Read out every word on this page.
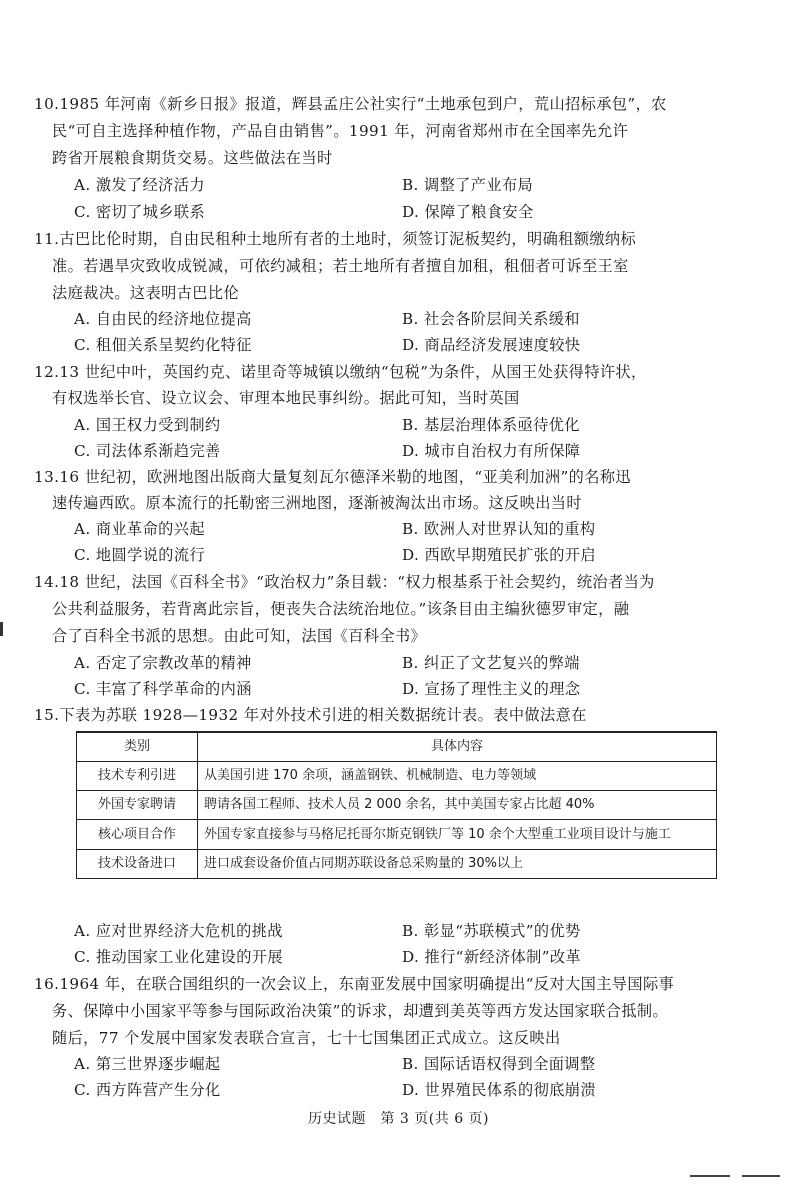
10.1985 年河南《新乡日报》报道，辉县孟庄公社实行“土地承包到户，荒山招标承包”，农
民“可自主选择种植作物，产品自由销售”。1991 年，河南省郑州市在全国率先允许
跨省开展粮食期货交易。这些做法在当时
A. 激发了经济活力	B. 调整了产业布局
C. 密切了城乡联系	D. 保障了粮食安全
11.古巴比伦时期，自由民租种土地所有者的土地时，须签订泥板契约，明确租额缴纳标
准。若遇旱灾致收成锐减，可依约减租；若土地所有者擅自加租，租佃者可诉至王室
法庭裁决。这表明古巴比伦
A. 自由民的经济地位提高	B. 社会各阶层间关系缓和
C. 租佃关系呈契约化特征	D. 商品经济发展速度较快
12.13 世纪中叶，英国约克、诺里奇等城镇以缴纳“包税”为条件，从国王处获得特许状，
有权选举长官、设立议会、审理本地民事纠纷。据此可知，当时英国
A. 国王权力受到制约	B. 基层治理体系亟待优化
C. 司法体系渐趋完善	D. 城市自治权力有所保障
13.16 世纪初，欧洲地图出版商大量复刻瓦尔德泽米勒的地图，“亚美利加洲”的名称迅
速传遍西欧。原本流行的托勒密三洲地图，逐渐被淘汰出市场。这反映出当时
A. 商业革命的兴起	B. 欧洲人对世界认知的重构
C. 地圆学说的流行	D. 西欧早期殖民扩张的开启
14.18 世纪，法国《百科全书》“政治权力”条目载：“权力根基系于社会契约，统治者当为
公共利益服务，若背离此宗旨，便丧失合法统治地位。”该条目由主编狄德罗审定，融
合了百科全书派的思想。由此可知，法国《百科全书》
A. 否定了宗教改革的精神	B. 纠正了文艺复兴的弊端
C. 丰富了科学革命的内涵	D. 宣扬了理性主义的理念
15.下表为苏联 1928—1932 年对外技术引进的相关数据统计表。表中做法意在
类别	具体内容
技术专利引进	从美国引进 170 余项，涵盖钢铁、机械制造、电力等领域
外国专家聘请	聘请各国工程师、技术人员 2 000 余名，其中美国专家占比超 40%
核心项目合作	外国专家直接参与马格尼托哥尔斯克钢铁厂等 10 余个大型重工业项目设计与施工
技术设备进口	进口成套设备价值占同期苏联设备总采购量的 30%以上
A. 应对世界经济大危机的挑战	B. 彰显“苏联模式”的优势
C. 推动国家工业化建设的开展	D. 推行“新经济体制”改革
16.1964 年，在联合国组织的一次会议上，东南亚发展中国家明确提出“反对大国主导国际事
务、保障中小国家平等参与国际政治决策”的诉求，却遭到美英等西方发达国家联合抵制。
随后，77 个发展中国家发表联合宣言，七十七国集团正式成立。这反映出
A. 第三世界逐步崛起	B. 国际话语权得到全面调整
C. 西方阵营产生分化	D. 世界殖民体系的彻底崩溃
历史试题　第 3 页(共 6 页)
